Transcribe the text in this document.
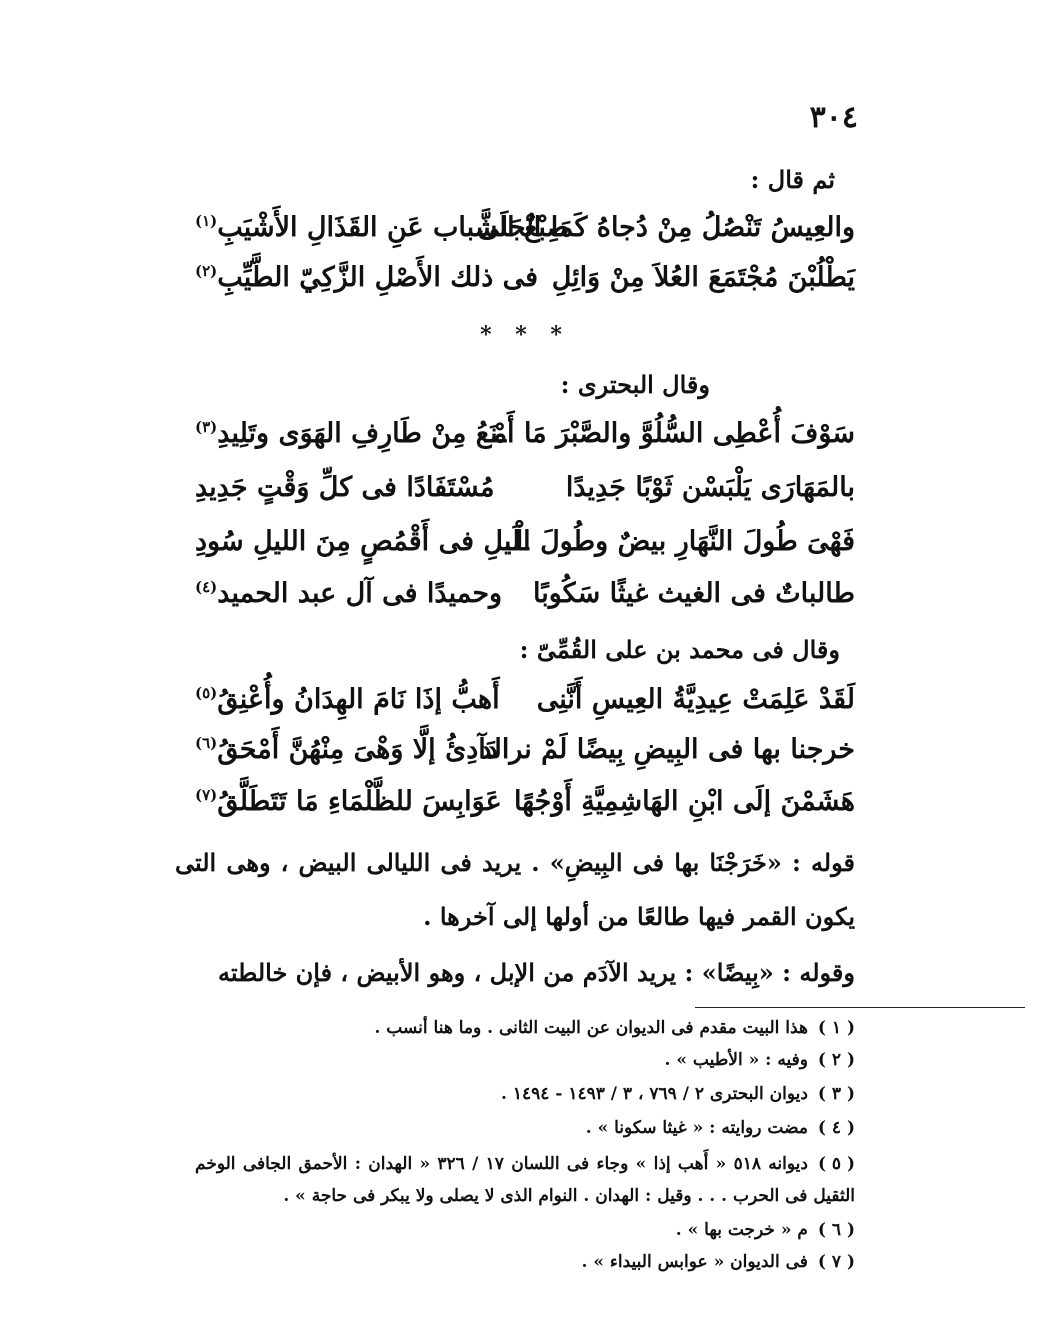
٣٠٤
ثم قال :
والعِيسُ تَنْصُلُ مِنْ دُجاهُ كَمَا انْجَلَى
صِبْغُ الشَّباب عَنِ القَذَالِ الأَشْيَبِ$^{(١)}$
يَطْلُبْنَ مُجْتَمَعَ العُلاَ مِنْ وَائِلِ
فى ذلك الأَصْلِ الزَّكِيّ الطَّيِّبِ$^{(٢)}$
* * *
وقال البحترى :
سَوْفَ أُعْطِى السُّلُوَّ والصَّبْرَ مَا أَمْـ
ـنَعُ مِنْ طَارِفِ الهَوَى وتَلِيدِ$^{(٣)}$
بالمَهَارَى يَلْبَسْن ثَوْبًا جَدِيدًا
مُسْتَفَادًا فى كلِّ وَقْتٍ جَدِيدِ
فَهْىَ طُولَ النَّهَارِ بيضٌ وطُولَ الْـ
ـلَيلِ فى أَقْمُصٍ مِنَ الليلِ سُودِ
طالباتٌ فى الغيث غيثًا سَكُوبًا
وحميدًا فى آل عبد الحميد$^{(٤)}$
وقال فى محمد بن على القُمِّىّ :
لَقَدْ عَلِمَتْ عِيدِيَّةُ العِيسِ أَنَّنِى
أَهبُّ إذَا نَامَ الهِدَانُ وأُعْنِقُ$^{(٥)}$
خرجنا بها فى البِيضِ بِيضًا لَمْ نرالد
دَآدِئُ إلَّا وَهْىَ مِنْهُنَّ أَمْحَقُ$^{(٦)}$
هَشَمْنَ إلَى ابْنِ الهَاشِمِيَّةِ أَوْجُهًا
عَوَابِسَ للظَّلْمَاءِ مَا تَتَطَلَّقُ$^{(٧)}$
قوله : «خَرَجْنَا بها فى البِيضِ» . يريد فى الليالى البيض ، وهى التى يكون القمر فيها طالعًا من أولها إلى آخرها .
وقوله : «بِيضًا» : يريد الآدَم من الإبل ، وهو الأبيض ، فإن خالطته
( ١ )هذا البيت مقدم فى الديوان عن البيت الثانى . وما هنا أنسب .
( ٢ )وفيه : « الأطيب » .
( ٣ )ديوان البحترى ٢ / ٧٦٩ ، ٣ / ١٤٩٣ - ١٤٩٤ .
( ٤ )مضت روايته : « غيثا سكونا » .
( ٥ )ديوانه ٥١٨ « أَهب إذا » وجاء فى اللسان ١٧ / ٣٢٦ « الهدان : الأحمق الجافى الوخم الثقيل فى الحرب . . . وقيل : الهدان . النوام الذى لا يصلى ولا يبكر فى حاجة » .
( ٦ )م « خرجت بها » .
( ٧ )فى الديوان « عوابس البيداء » .
